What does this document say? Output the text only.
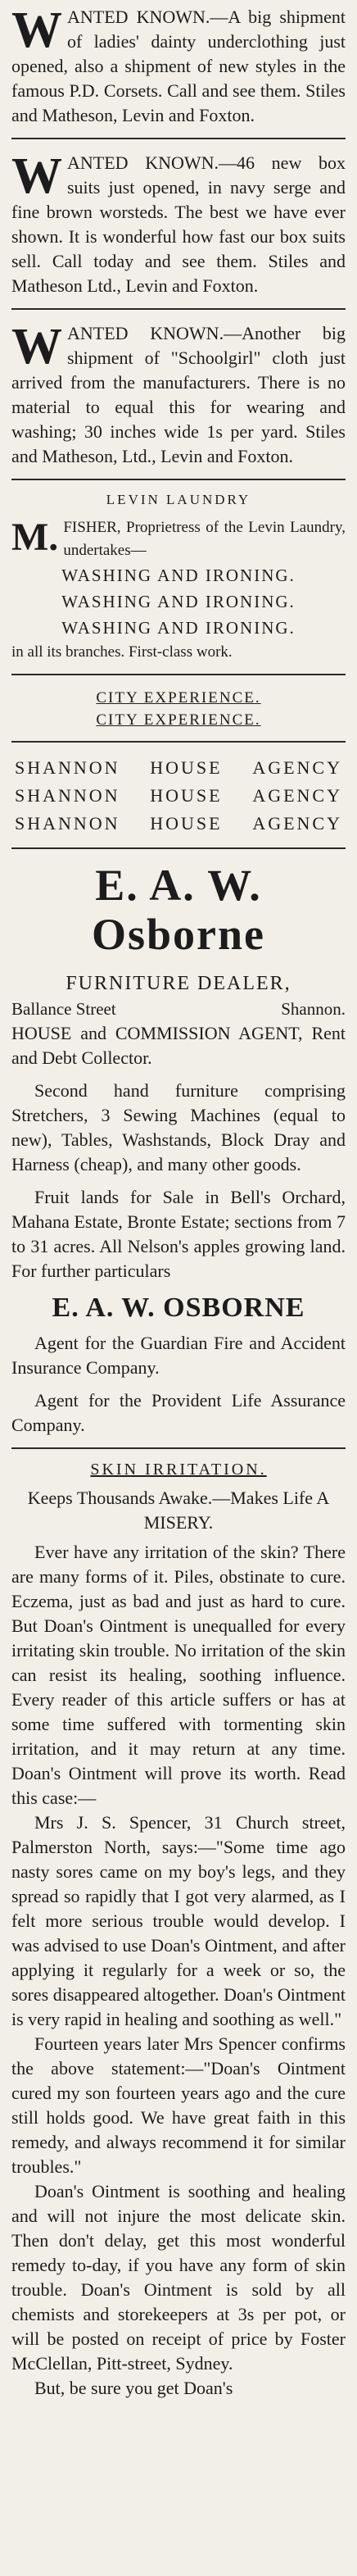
WANTED KNOWN.—A big shipment of ladies' dainty underclothing just opened, also a shipment of new styles in the famous P.D. Corsets. Call and see them. Stiles and Matheson, Levin and Foxton.

WANTED KNOWN.—46 new box suits just opened, in navy serge and fine brown worsteds. The best we have ever shown. It is wonderful how fast our box suits sell. Call today and see them. Stiles and Matheson Ltd., Levin and Foxton.

WANTED KNOWN.—Another big shipment of "Schoolgirl" cloth just arrived from the manufacturers. There is no material to equal this for wearing and washing; 30 inches wide 1s per yard. Stiles and Matheson, Ltd., Levin and Foxton.

LEVIN LAUNDRY

M. FISHER, Proprietress of the Levin Laundry, undertakes—

WASHING AND IRONING.

WASHING AND IRONING.

WASHING AND IRONING.

in all its branches. First-class work.

CITY EXPERIENCE.

CITY EXPERIENCE.

SHANNON HOUSE AGENCY
SHANNON HOUSE AGENCY
SHANNON HOUSE AGENCY
E. A. W. Osborne

FURNITURE DEALER,

Ballance Street	Shannon.

HOUSE and COMMISSION AGENT, Rent and Debt Collector.

Second hand furniture comprising Stretchers, 3 Sewing Machines (equal to new), Tables, Washstands, Block Dray and Harness (cheap), and many other goods.

Fruit lands for Sale in Bell's Orchard, Mahana Estate, Bronte Estate; sections from 7 to 31 acres. All Nelson's apples growing land. For further particulars

E. A. W. OSBORNE

Agent for the Guardian Fire and Accident Insurance Company.

Agent for the Provident Life Assurance Company.

SKIN IRRITATION.

Keeps Thousands Awake.—Makes Life A MISERY.

Ever have any irritation of the skin? There are many forms of it. Piles, obstinate to cure. Eczema, just as bad and just as hard to cure. But Doan's Ointment is unequalled for every irritating skin trouble. No irritation of the skin can resist its healing, soothing influence. Every reader of this article suffers or has at some time suffered with tormenting skin irritation, and it may return at any time. Doan's Ointment will prove its worth. Read this case:—

Mrs J. S. Spencer, 31 Church street, Palmerston North, says:—"Some time ago nasty sores came on my boy's legs, and they spread so rapidly that I got very alarmed, as I felt more serious trouble would develop. I was advised to use Doan's Ointment, and after applying it regularly for a week or so, the sores disappeared altogether. Doan's Ointment is very rapid in healing and soothing as well."

Fourteen years later Mrs Spencer confirms the above statement:—"Doan's Ointment cured my son fourteen years ago and the cure still holds good. We have great faith in this remedy, and always recommend it for similar troubles."

Doan's Ointment is soothing and healing and will not injure the most delicate skin. Then don't delay, get this most wonderful remedy to-day, if you have any form of skin trouble. Doan's Ointment is sold by all chemists and storekeepers at 3s per pot, or will be posted on receipt of price by Foster McClellan, Pitt-street, Sydney.

But, be sure you get Doan's
